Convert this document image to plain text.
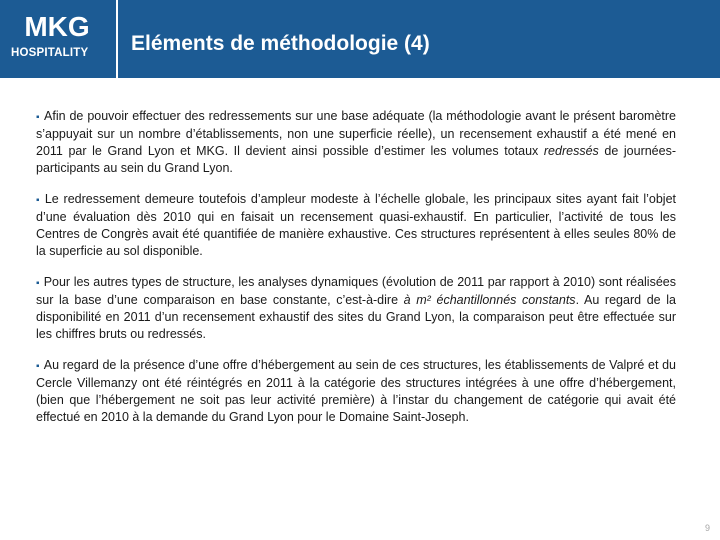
MKG
HOSPITALITY Eléments de méthodologie (4)

▪ Afin de pouvoir effectuer des redressements sur une base adéquate (la méthodologie avant le présent baromètre s’appuyait sur un nombre d’établissements, non une superficie réelle), un recensement exhaustif a été mené en 2011 par le Grand Lyon et MKG. Il devient ainsi possible d’estimer les volumes totaux redressés de journées-participants au sein du Grand Lyon.

▪ Le redressement demeure toutefois d’ampleur modeste à l’échelle globale, les principaux sites ayant fait l’objet d’une évaluation dès 2010 qui en faisait un recensement quasi-exhaustif. En particulier, l’activité de tous les Centres de Congrès avait été quantifiée de manière exhaustive. Ces structures représentent à elles seules 80% de la superficie au sol disponible.

▪ Pour les autres types de structure, les analyses dynamiques (évolution de 2011 par rapport à 2010) sont réalisées sur la base d’une comparaison en base constante, c’est-à-dire à m² échantillonnés constants. Au regard de la disponibilité en 2011 d’un recensement exhaustif des sites du Grand Lyon, la comparaison peut être effectuée sur les chiffres bruts ou redressés.

▪ Au regard de la présence d’une offre d’hébergement au sein de ces structures, les établissements de Valpré et du Cercle Villemanzy ont été réintégrés en 2011 à la catégorie des structures intégrées à une offre d’hébergement, (bien que l’hébergement ne soit pas leur activité première) à l’instar du changement de catégorie qui avait été effectué en 2010 à la demande du Grand Lyon pour le Domaine Saint-Joseph.

9
